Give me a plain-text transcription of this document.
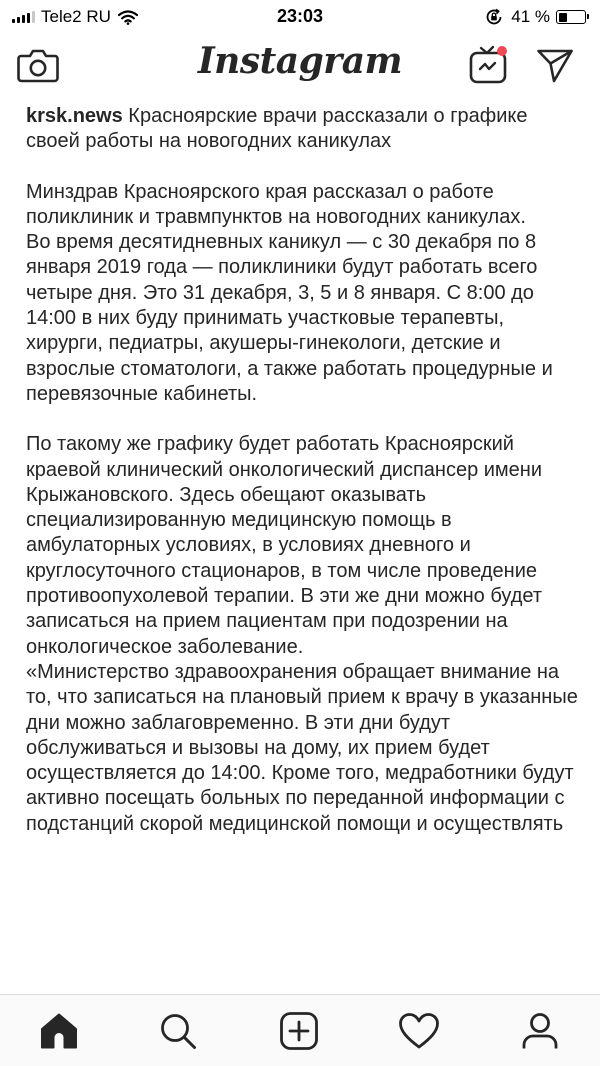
Tele2 RU	23:03	41 %
Instagram

krsk.news Красноярские врачи рассказали о графике своей работы на новогодних каникулах

Минздрав Красноярского края рассказал о работе поликлиник и травмпунктов на новогодних каникулах.

Во время десятидневных каникул — с 30 декабря по 8 января 2019 года — поликлиники будут работать всего четыре дня. Это 31 декабря, 3, 5 и 8 января. С 8:00 до 14:00 в них буду принимать участковые терапевты, хирурги, педиатры, акушеры-гинекологи, детские и взрослые стоматологи, а также работать процедурные и перевязочные кабинеты.

По такому же графику будет работать Красноярский краевой клинический онкологический диспансер имени Крыжановского. Здесь обещают оказывать специализированную медицинскую помощь в амбулаторных условиях, в условиях дневного и круглосуточного стационаров, в том числе проведение противоопухолевой терапии. В эти же дни можно будет записаться на прием пациентам при подозрении на онкологическое заболевание.

«Министерство здравоохранения обращает внимание на то, что записаться на плановый прием к врачу в указанные дни можно заблаговременно. В эти дни будут обслуживаться и вызовы на дому, их прием будет осуществляется до 14:00. Кроме того, медработники будут активно посещать больных по переданной информации с подстанций скорой медицинской помощи и осуществлять
